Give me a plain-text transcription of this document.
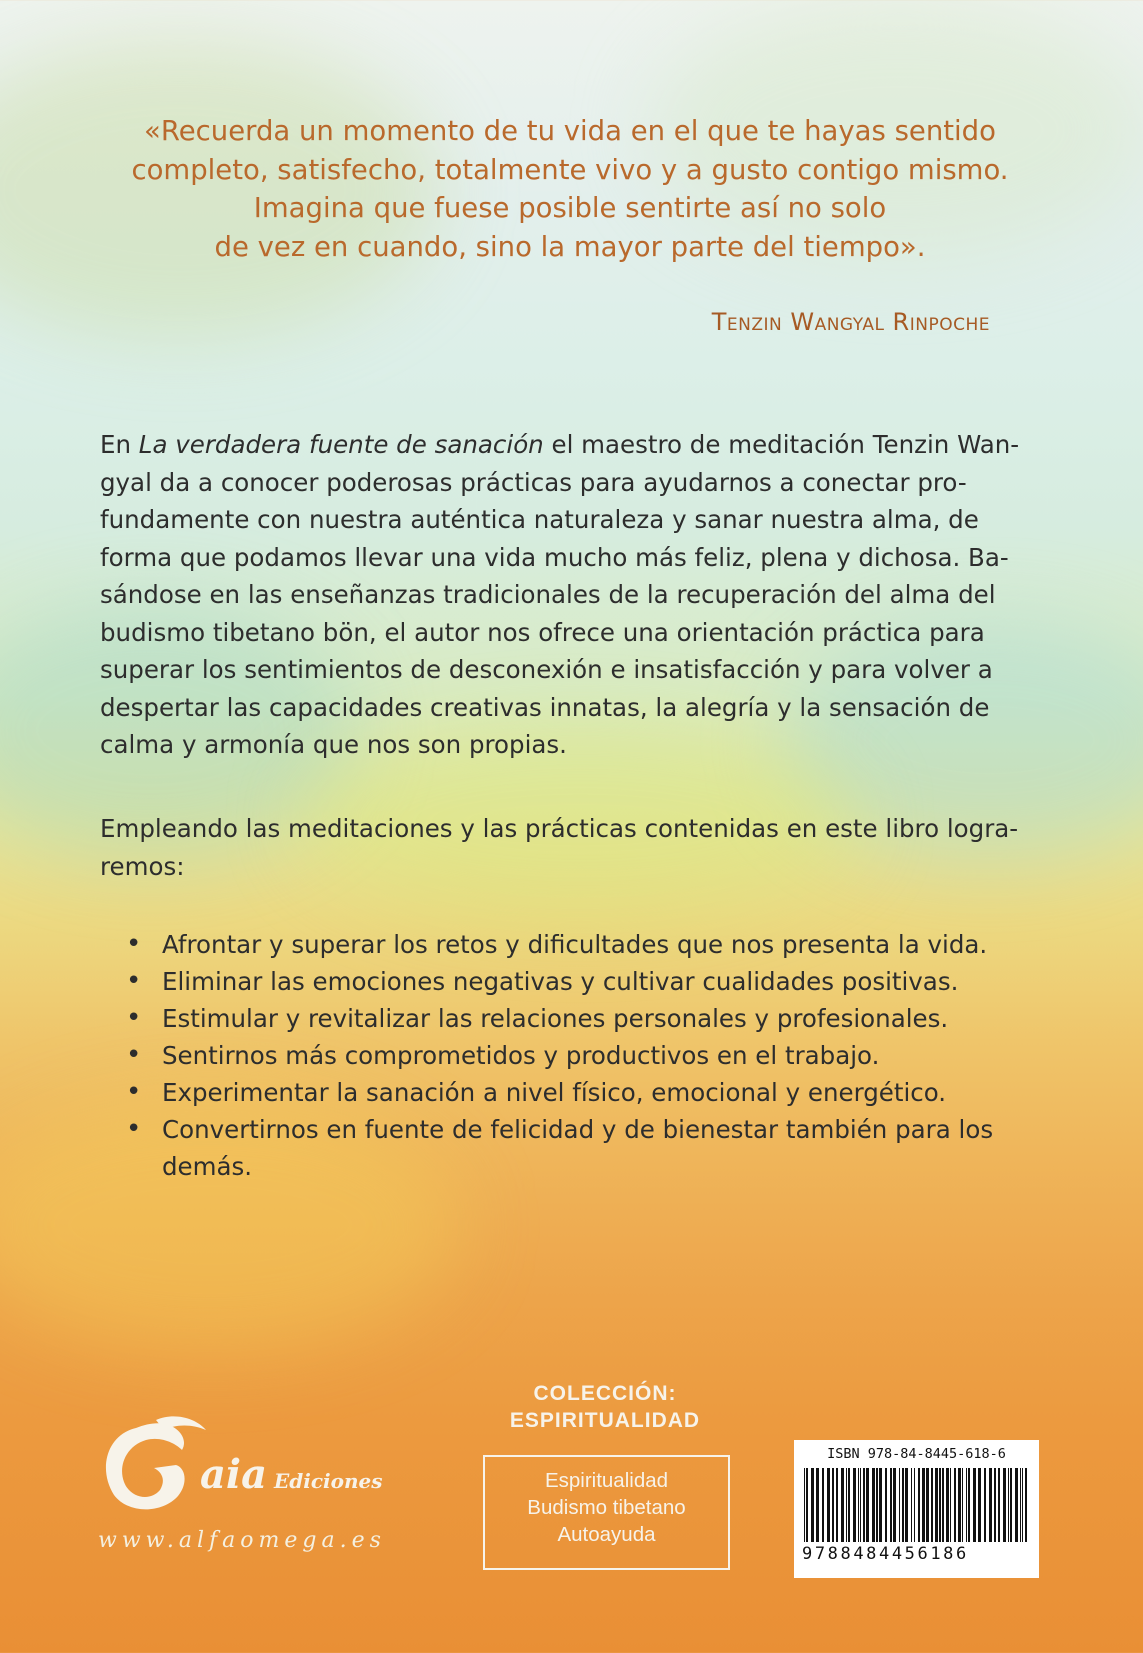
«Recuerda un momento de tu vida en el que te hayas sentido
completo, satisfecho, totalmente vivo y a gusto contigo mismo.
Imagina que fuese posible sentirte así no solo
de vez en cuando, sino la mayor parte del tiempo».
Tenzin Wangyal Rinpoche
En La verdadera fuente de sanación el maestro de meditación Tenzin Wan-
gyal da a conocer poderosas prácticas para ayudarnos a conectar pro-
fundamente con nuestra auténtica naturaleza y sanar nuestra alma, de
forma que podamos llevar una vida mucho más feliz, plena y dichosa. Ba-
sándose en las enseñanzas tradicionales de la recuperación del alma del
budismo tibetano bön, el autor nos ofrece una orientación práctica para
superar los sentimientos de desconexión e insatisfacción y para volver a
despertar las capacidades creativas innatas, la alegría y la sensación de
calma y armonía que nos son propias.
Empleando las meditaciones y las prácticas contenidas en este libro logra-
remos:
• Afrontar y superar los retos y dificultades que nos presenta la vida.
• Eliminar las emociones negativas y cultivar cualidades positivas.
• Estimular y revitalizar las relaciones personales y profesionales.
• Sentirnos más comprometidos y productivos en el trabajo.
• Experimentar la sanación a nivel físico, emocional y energético.
• Convertirnos en fuente de felicidad y de bienestar también para los demás.
aia Ediciones
www.alfaomega.es
COLECCIÓN:
ESPIRITUALIDAD
Espiritualidad
Budismo tibetano
Autoayuda
ISBN 978-84-8445-618-6
9788484456186
